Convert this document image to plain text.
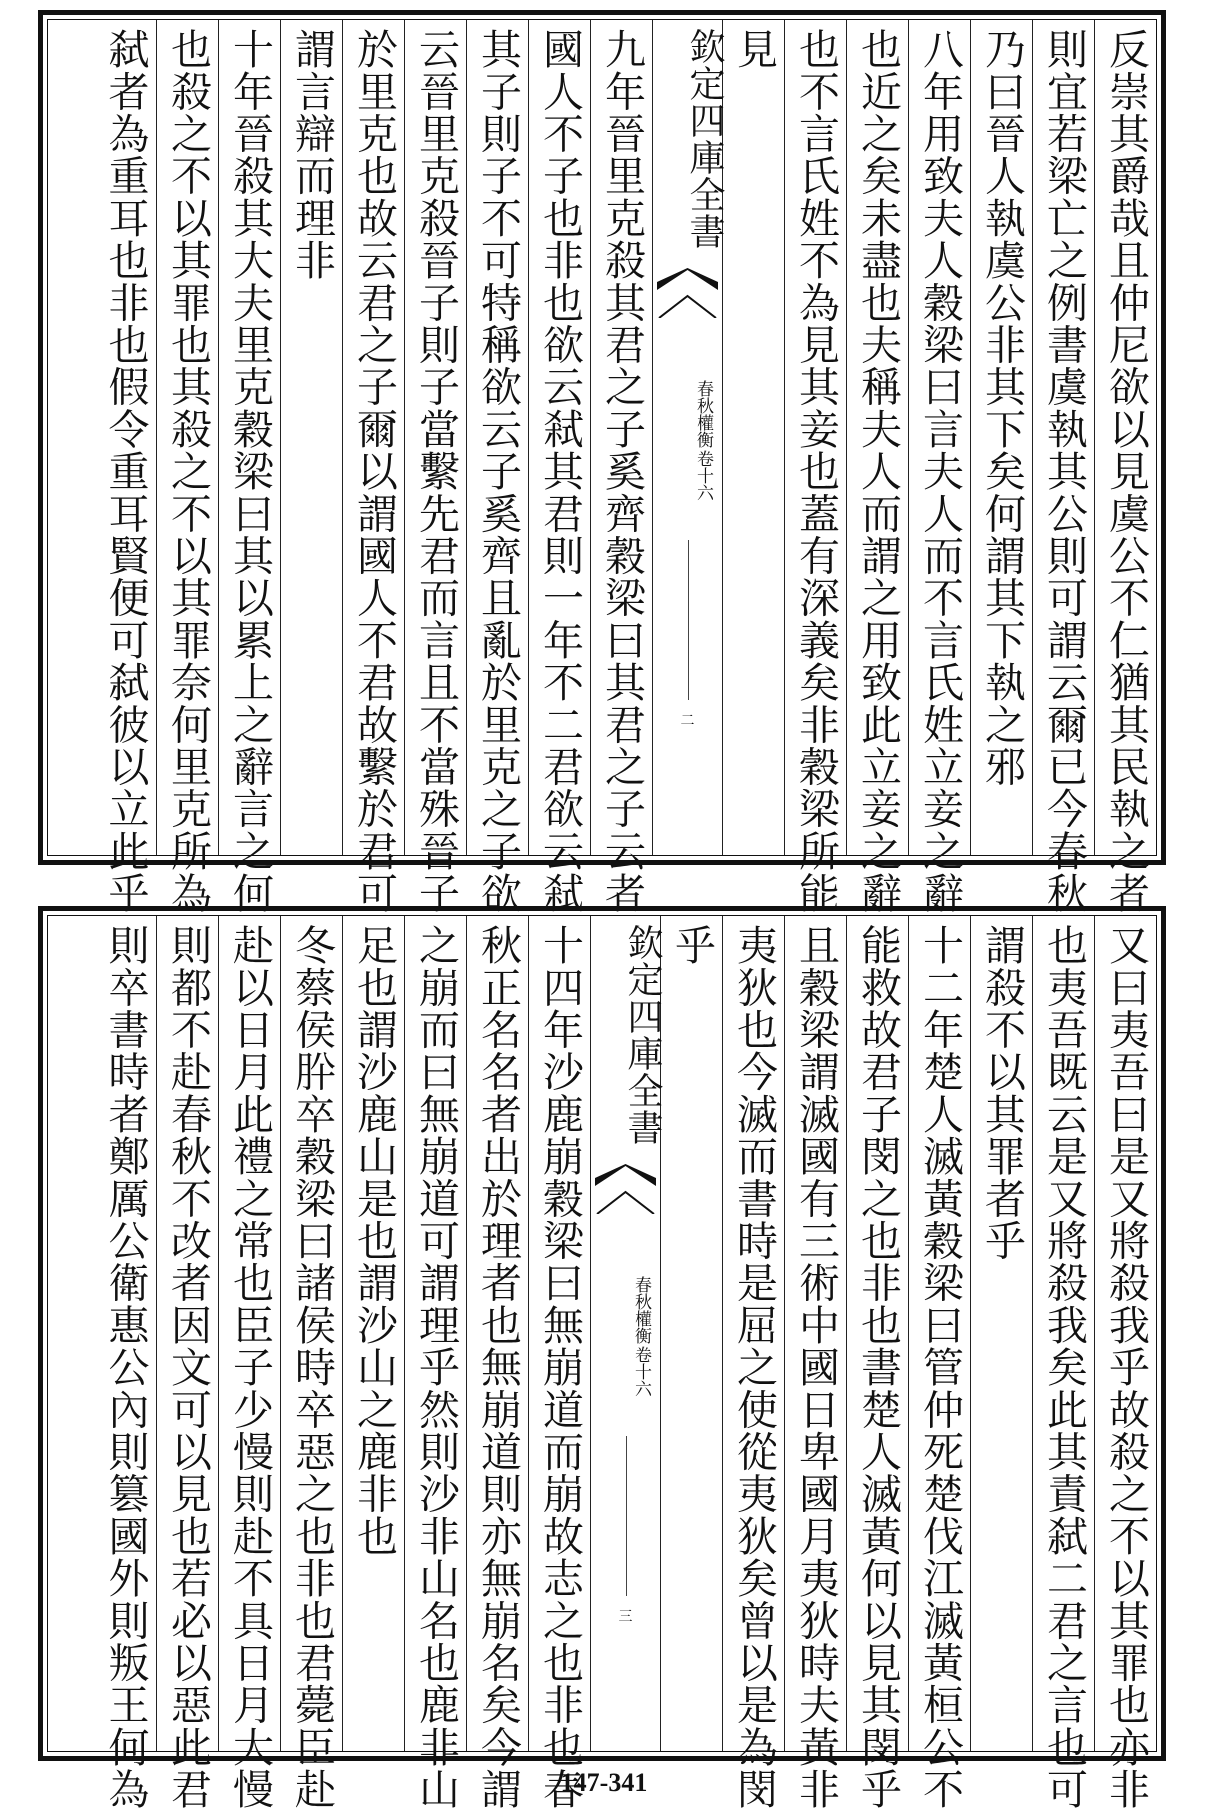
反崇其爵哉且仲尼欲以見虞公不仁猶其民執之者
則宜若梁亡之例書虞執其公則可謂云爾已今春秋
乃曰晉人執虞公非其下矣何謂其下執之邪
八年用致夫人穀梁曰言夫人而不言氏姓立妾之辭
也近之矣未盡也夫稱夫人而謂之用致此立妾之辭
也不言氏姓不為見其妾也蓋有深義矣非穀梁所能
見
欽定四庫全書
春秋權衡
卷十六
二
九年晉里克殺其君之子奚齊穀梁曰其君之子云者
國人不子也非也欲云弒其君則一年不二君欲云弒
其子則子不可特稱欲云子奚齊且亂於里克之子欲
云晉里克殺晉子則子當繫先君而言且不當殊晉子
於里克也故云君之子爾以謂國人不君故繫於君可
謂言辯而理非
十年晉殺其大夫里克穀梁曰其以累上之辭言之何
也殺之不以其罪也其殺之不以其罪奈何里克所為
弑者為重耳也非也假令重耳賢便可弑彼以立此乎
又曰夷吾曰是又將殺我乎故殺之不以其罪也亦非
也夷吾既云是又將殺我矣此其責弑二君之言也可
謂殺不以其罪者乎
十二年楚人滅黃穀梁曰管仲死楚伐江滅黃桓公不
能救故君子閔之也非也書楚人滅黃何以見其閔乎
且穀梁謂滅國有三術中國日卑國月夷狄時夫黃非
夷狄也今滅而書時是屈之使從夷狄矣曾以是為閔
乎
欽定四庫全書
春秋權衡
卷十六
三
十四年沙鹿崩穀梁曰無崩道而崩故志之也非也春
秋正名名者出於理者也無崩道則亦無崩名矣今謂
之崩而曰無崩道可謂理乎然則沙非山名也鹿非山
足也謂沙鹿山是也謂沙山之鹿非也
冬蔡侯肸卒穀梁曰諸侯時卒惡之也非也君薨臣赴
赴以日月此禮之常也臣子少慢則赴不具日月大慢
則都不赴春秋不改者因文可以見也若必以惡此君
則卒書時者鄭厲公衛惠公內則篡國外則叛王何為	147-341
